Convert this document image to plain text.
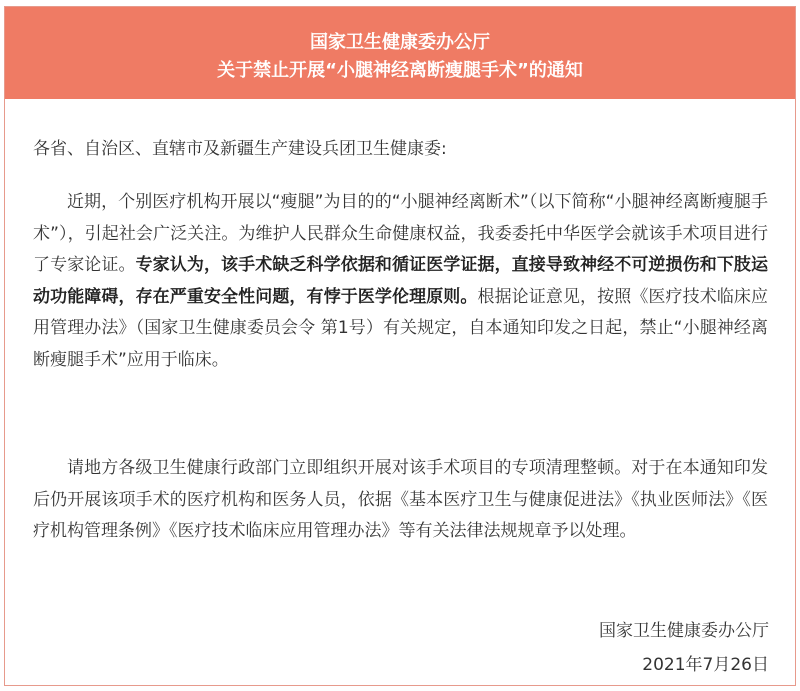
国家卫生健康委办公厅
关于禁止开展“小腿神经离断瘦腿手术”的通知
各省、自治区、直辖市及新疆生产建设兵团卫生健康委:
近期，个别医疗机构开展以“瘦腿”为目的的“小腿神经离断术”（以下简称“小腿神经离断瘦腿手术”），引起社会广泛关注。为维护人民群众生命健康权益，我委委托中华医学会就该手术项目进行了专家论证。专家认为，该手术缺乏科学依据和循证医学证据，直接导致神经不可逆损伤和下肢运动功能障碍，存在严重安全性问题，有悖于医学伦理原则。根据论证意见，按照《医疗技术临床应用管理办法》（国家卫生健康委员会令 第1号）有关规定，自本通知印发之日起，禁止“小腿神经离断瘦腿手术”应用于临床。
请地方各级卫生健康行政部门立即组织开展对该手术项目的专项清理整顿。对于在本通知印发后仍开展该项手术的医疗机构和医务人员，依据《基本医疗卫生与健康促进法》《执业医师法》《医疗机构管理条例》《医疗技术临床应用管理办法》等有关法律法规规章予以处理。
国家卫生健康委办公厅
2021年7月26日
